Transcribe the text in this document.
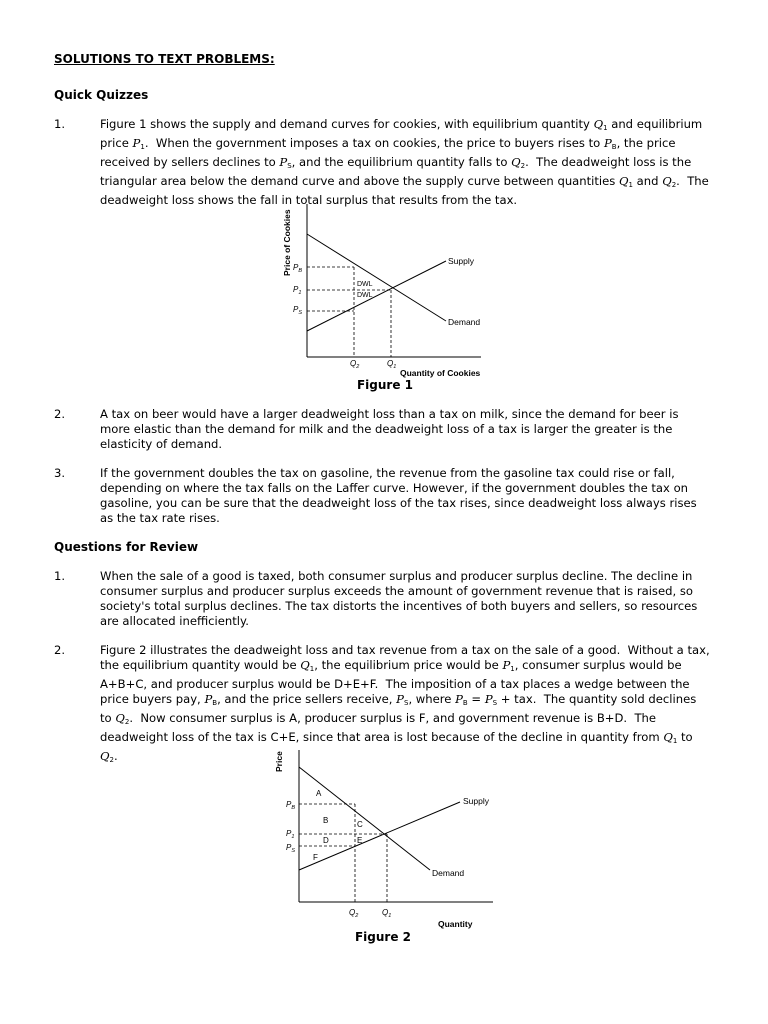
SOLUTIONS TO TEXT PROBLEMS:
Quick Quizzes
1.	Figure 1 shows the supply and demand curves for cookies, with equilibrium quantity $Q_1$ and equilibrium price $P_1$.  When the government imposes a tax on cookies, the price to buyers rises to $P_B$, the price received by sellers declines to $P_S$, and the equilibrium quantity falls to $Q_2$.  The deadweight loss is the triangular area below the demand curve and above the supply curve between quantities $Q_1$ and $Q_2$.  The deadweight loss shows the fall in total surplus that results from the tax.
Price of Cookies $P_B$
$P_1$
$P_S$
$Q_2$	$Q_1$
DWL
DWL
Supply
Demand
Quantity of Cookies
Figure 1
2.	A tax on beer would have a larger deadweight loss than a tax on milk, since the demand for beer is more elastic than the demand for milk and the deadweight loss of a tax is larger the greater is the elasticity of demand.
3.	If the government doubles the tax on gasoline, the revenue from the gasoline tax could rise or fall, depending on where the tax falls on the Laffer curve. However, if the government doubles the tax on gasoline, you can be sure that the deadweight loss of the tax rises, since deadweight loss always rises as the tax rate rises.
Questions for Review
1.	When the sale of a good is taxed, both consumer surplus and producer surplus decline. The decline in consumer surplus and producer surplus exceeds the amount of government revenue that is raised, so society's total surplus declines. The tax distorts the incentives of both buyers and sellers, so resources are allocated inefficiently.
2.	Figure 2 illustrates the deadweight loss and tax revenue from a tax on the sale of a good.  Without a tax, the equilibrium quantity would be $Q_1$, the equilibrium price would be $P_1$, consumer surplus would be A+B+C, and producer surplus would be D+E+F.  The imposition of a tax places a wedge between the price buyers pay, $P_B$, and the price sellers receive, $P_S$, where $P_B = P_S$ + tax.  The quantity sold declines to $Q_2$.  Now consumer surplus is A, producer surplus is F, and government revenue is B+D.  The deadweight loss of the tax is C+E, since that area is lost because of the decline in quantity from $Q_1$ to $Q_2$.	Price
$P_B$
$P_1$
$P_S$
$Q_2$	$Q_1$
A
B	C
D	E
F
Supply
Demand
Quantity
Figure 2
